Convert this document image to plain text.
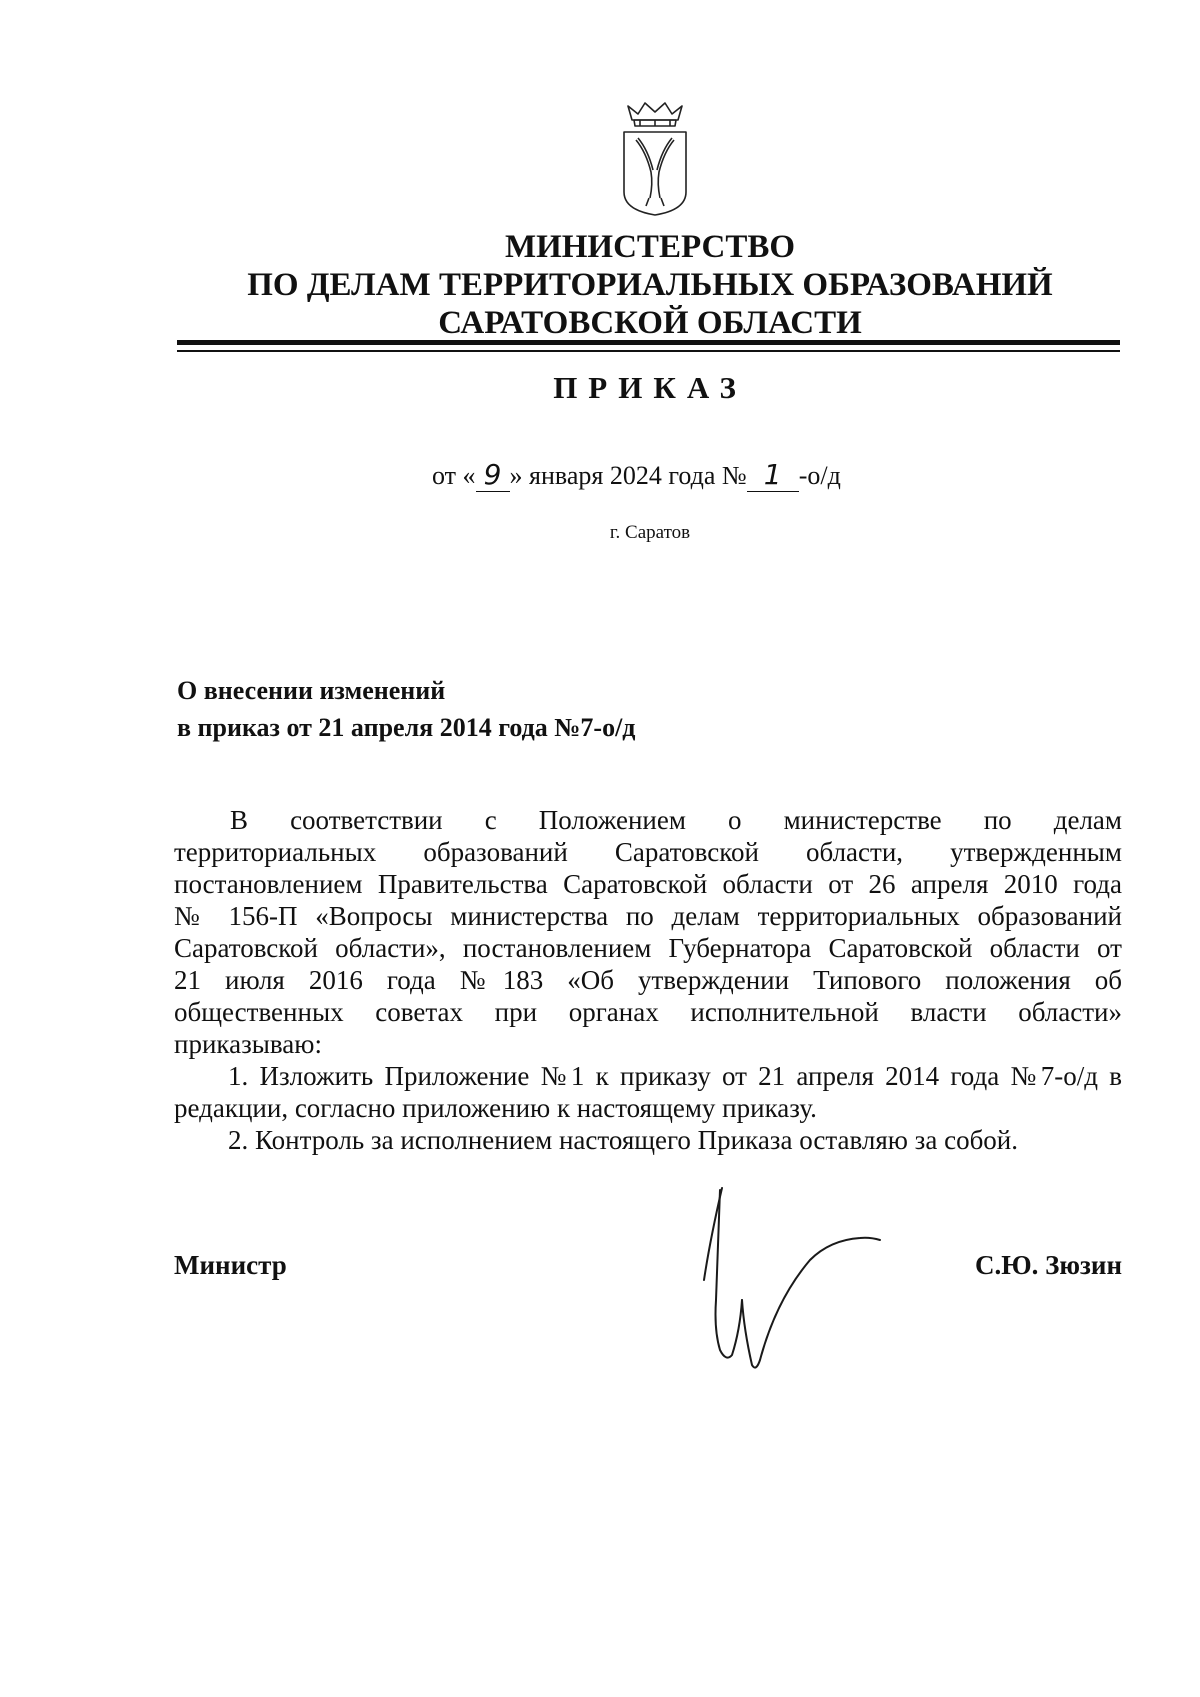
МИНИСТЕРСТВО
ПО ДЕЛАМ ТЕРРИТОРИАЛЬНЫХ ОБРАЗОВАНИЙ
САРАТОВСКОЙ ОБЛАСТИ
ПРИКАЗ
от « 9 » января 2024 года № 1 -о/д
г. Саратов
О внесении изменений
в приказ от 21 апреля 2014 года №7-о/д
В соответствии с Положением о министерстве по делам
территориальных образований Саратовской области, утвержденным
постановлением Правительства Саратовской области от 26 апреля 2010 года
№ 156-П «Вопросы министерства по делам территориальных образований
Саратовской области», постановлением Губернатора Саратовской области от
21 июля 2016 года №183 «Об утверждении Типового положения об
общественных советах при органах исполнительной власти области»
приказываю:
1. Изложить Приложение №1 к приказу от 21 апреля 2014 года №7-о/д в
редакции, согласно приложению к настоящему приказу.
2. Контроль за исполнением настоящего Приказа оставляю за собой.
Министр	С.Ю. Зюзин
